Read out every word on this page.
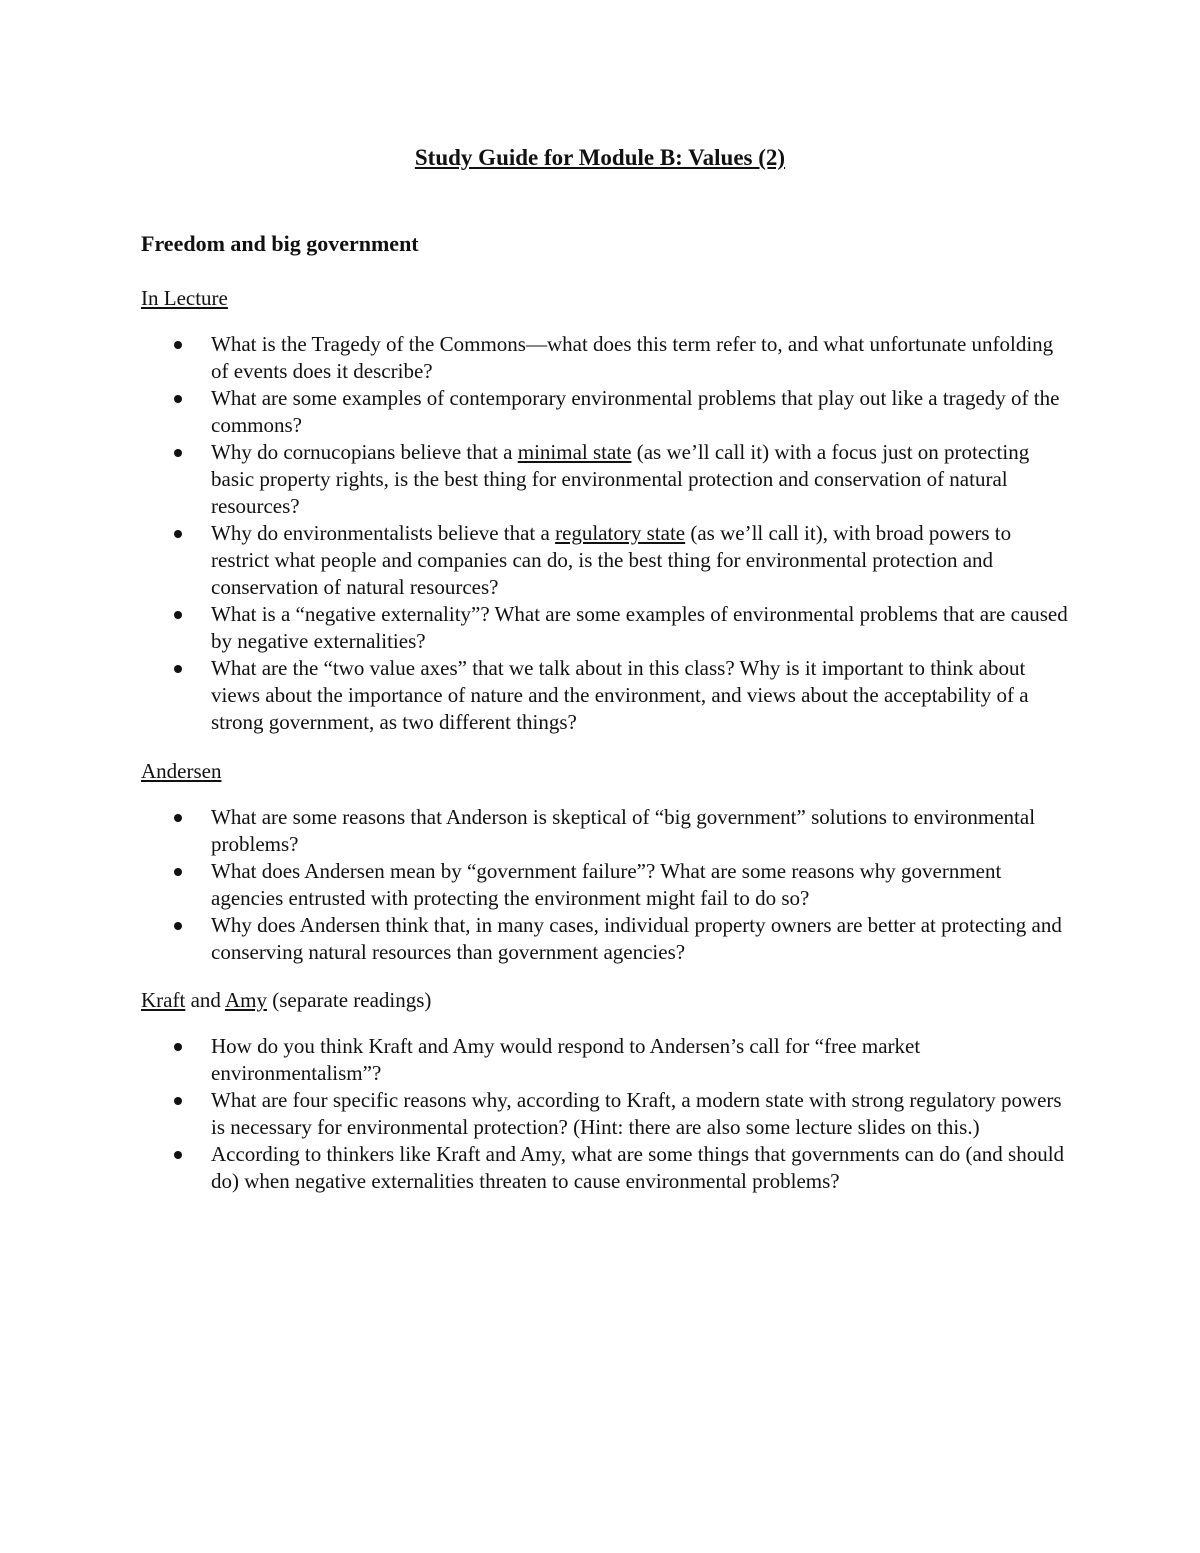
Study Guide for Module B: Values (2)
Freedom and big government
In Lecture
What is the Tragedy of the Commons—what does this term refer to, and what unfortunate unfolding of events does it describe?
What are some examples of contemporary environmental problems that play out like a tragedy of the commons?
Why do cornucopians believe that a minimal state (as we’ll call it) with a focus just on protecting basic property rights, is the best thing for environmental protection and conservation of natural resources?
Why do environmentalists believe that a regulatory state (as we’ll call it), with broad powers to restrict what people and companies can do, is the best thing for environmental protection and conservation of natural resources?
What is a “negative externality”? What are some examples of environmental problems that are caused by negative externalities?
What are the “two value axes” that we talk about in this class? Why is it important to think about views about the importance of nature and the environment, and views about the acceptability of a strong government, as two different things?
Andersen
What are some reasons that Anderson is skeptical of “big government” solutions to environmental problems?
What does Andersen mean by “government failure”? What are some reasons why government agencies entrusted with protecting the environment might fail to do so?
Why does Andersen think that, in many cases, individual property owners are better at protecting and conserving natural resources than government agencies?
Kraft and Amy (separate readings)
How do you think Kraft and Amy would respond to Andersen’s call for “free market environmentalism”?
What are four specific reasons why, according to Kraft, a modern state with strong regulatory powers is necessary for environmental protection? (Hint: there are also some lecture slides on this.)
According to thinkers like Kraft and Amy, what are some things that governments can do (and should do) when negative externalities threaten to cause environmental problems?
